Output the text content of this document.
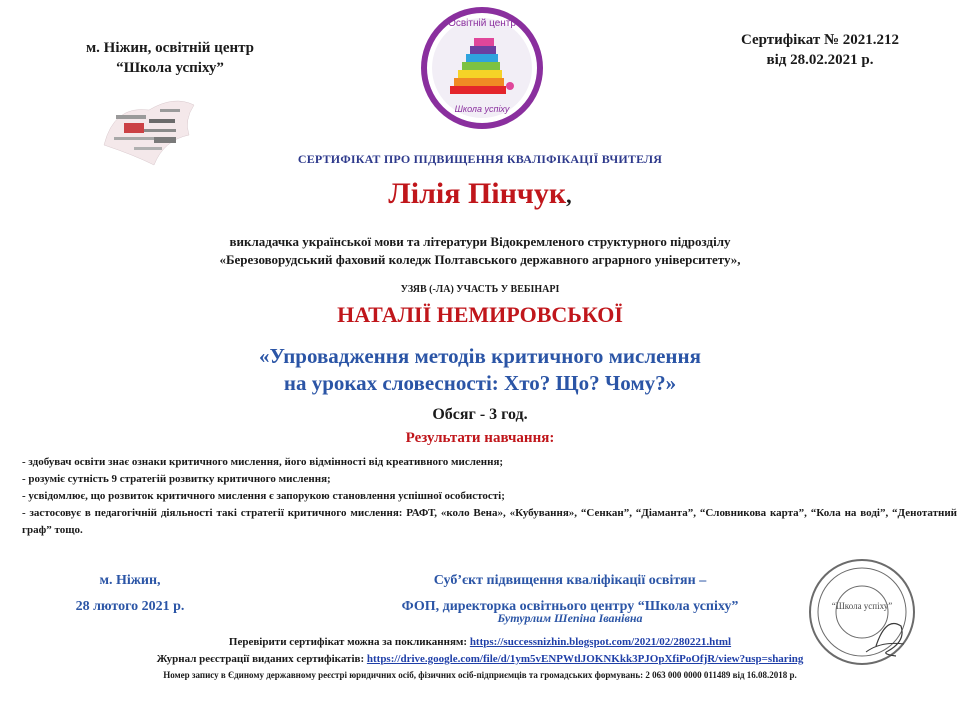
м. Ніжин, освітній центр
“Школа успіху”
Сертифікат № 2021.212
від 28.02.2021 р.
Освітній центр
Школа успіху
СЕРТИФІКАТ ПРО ПІДВИЩЕННЯ КВАЛІФІКАЦІЇ ВЧИТЕЛЯ
Лілія Пінчук,
викладачка української мови та літератури Відокремленого структурного підрозділу
«Березоворудський фаховий коледж Полтавського державного аграрного університету»,
УЗЯВ (-ЛА) УЧАСТЬ У ВЕБІНАРІ
НАТАЛІЇ НЕМИРОВСЬКОЇ
«Упровадження методів критичного мислення
на уроках словесності: Хто? Що? Чому?»
Обсяг - 3 год.
Результати навчання:
- здобувач освіти знає ознаки критичного мислення, його відмінності від креативного мислення;
- розуміє сутність 9 стратегій розвитку критичного мислення;
- усвідомлює, що розвиток критичного мислення є запорукою становлення успішної особистості;
- застосовує в педагогічній діяльності такі стратегії критичного мислення: РАФТ, «коло Вена», «Кубування», “Сенкан”, “Діаманта”, “Словникова карта”, “Кола на воді”, “Денотатний граф” тощо.
м. Ніжин,
28 лютого 2021 р.
Суб’єкт підвищення кваліфікації освітян –
ФОП, директорка освітнього центру “Школа успіху”
Бутурлим Шепіна Іванівна
“Школа успіху”
Перевірити сертифікат можна за покликанням: https://successnizhin.blogspot.com/2021/02/280221.html
Журнал реєстрації виданих сертифікатів: https://drive.google.com/file/d/1ym5vENPWtlJOKNKkk3PJOpXfiPoOfjR/view?usp=sharing
Номер запису в Єдиному державному реєстрі юридичних осіб, фізичних осіб-підприємців та громадських формувань: 2 063 000 0000 011489 від 16.08.2018 р.
